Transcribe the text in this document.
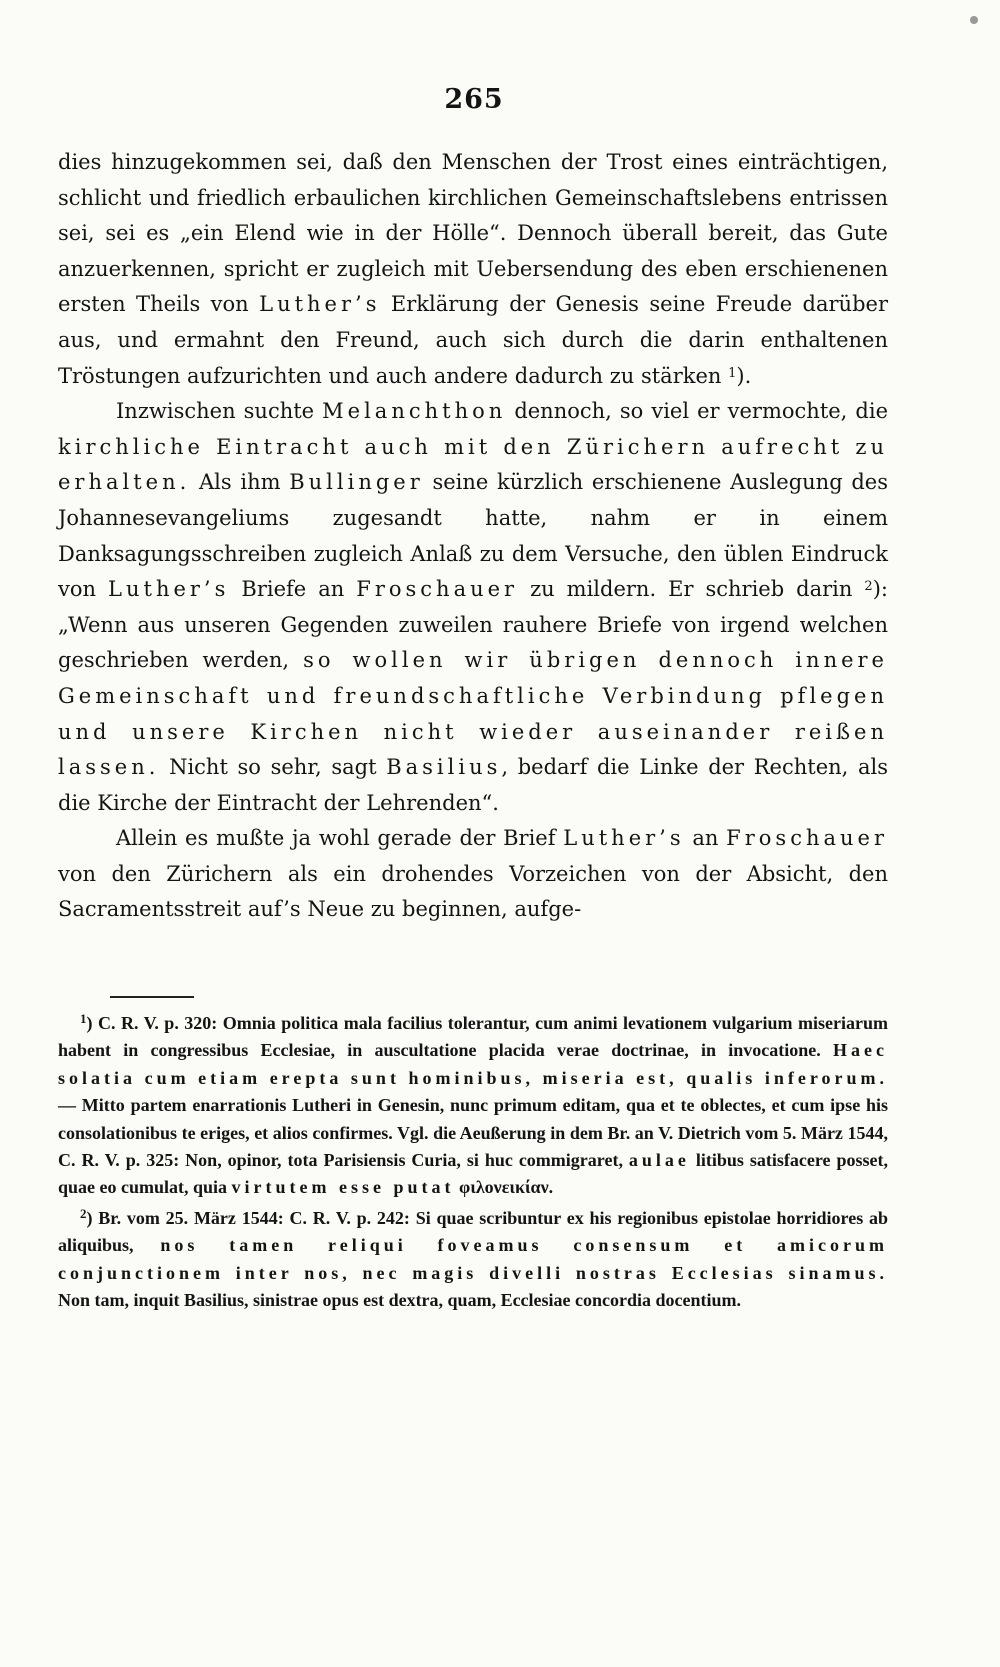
265

dies hinzugekommen sei, daß den Menschen der Trost eines einträchtigen, schlicht und friedlich erbaulichen kirchlichen Gemeinschaftslebens entrissen sei, sei es „ein Elend wie in der Hölle“. Dennoch überall bereit, das Gute anzuerkennen, spricht er zugleich mit Uebersendung des eben erschienenen ersten Theils von Luther’s Erklärung der Genesis seine Freude darüber aus, und ermahnt den Freund, auch sich durch die darin enthaltenen Tröstungen aufzurichten und auch andere dadurch zu stärken $^1$).

Inzwischen suchte Melanchthon dennoch, so viel er vermochte, die kirchliche Eintracht auch mit den Zürichern aufrecht zu erhalten. Als ihm Bullinger seine kürzlich erschienene Auslegung des Johannesevangeliums zugesandt hatte, nahm er in einem Danksagungsschreiben zugleich Anlaß zu dem Versuche, den üblen Eindruck von Luther’s Briefe an Froschauer zu mildern. Er schrieb darin $^2$): „Wenn aus unseren Gegenden zuweilen rauhere Briefe von irgend welchen geschrieben werden, so wollen wir übrigen dennoch innere Gemeinschaft und freundschaftliche Verbindung pflegen und unsere Kirchen nicht wieder auseinander reißen lassen. Nicht so sehr, sagt Basilius, bedarf die Linke der Rechten, als die Kirche der Eintracht der Lehrenden“.

Allein es mußte ja wohl gerade der Brief Luther’s an Froschauer von den Zürichern als ein drohendes Vorzeichen von der Absicht, den Sacramentsstreit auf’s Neue zu beginnen, aufge-

$^1$) C. R. V. p. 320: Omnia politica mala facilius tolerantur, cum animi levationem vulgarium miseriarum habent in congressibus Ecclesiae, in auscultatione placida verae doctrinae, in invocatione. Haec solatia cum etiam erepta sunt hominibus, miseria est, qualis inferorum. — Mitto partem enarrationis Lutheri in Genesin, nunc primum editam, qua et te oblectes, et cum ipse his consolationibus te eriges, et alios confirmes. Vgl. die Aeußerung in dem Br. an V. Dietrich vom 5. März 1544, C. R. V. p. 325: Non, opinor, tota Parisiensis Curia, si huc commigraret, aulae litibus satisfacere posset, quae eo cumulat, quia virtutem esse putat φιλονεικίαν.

$^2$) Br. vom 25. März 1544: C. R. V. p. 242: Si quae scribuntur ex his regionibus epistolae horridiores ab aliquibus, nos tamen reliqui foveamus consensum et amicorum conjunctionem inter nos, nec magis divelli nostras Ecclesias sinamus. Non tam, inquit Basilius, sinistrae opus est dextra, quam, Ecclesiae concordia docentium.
